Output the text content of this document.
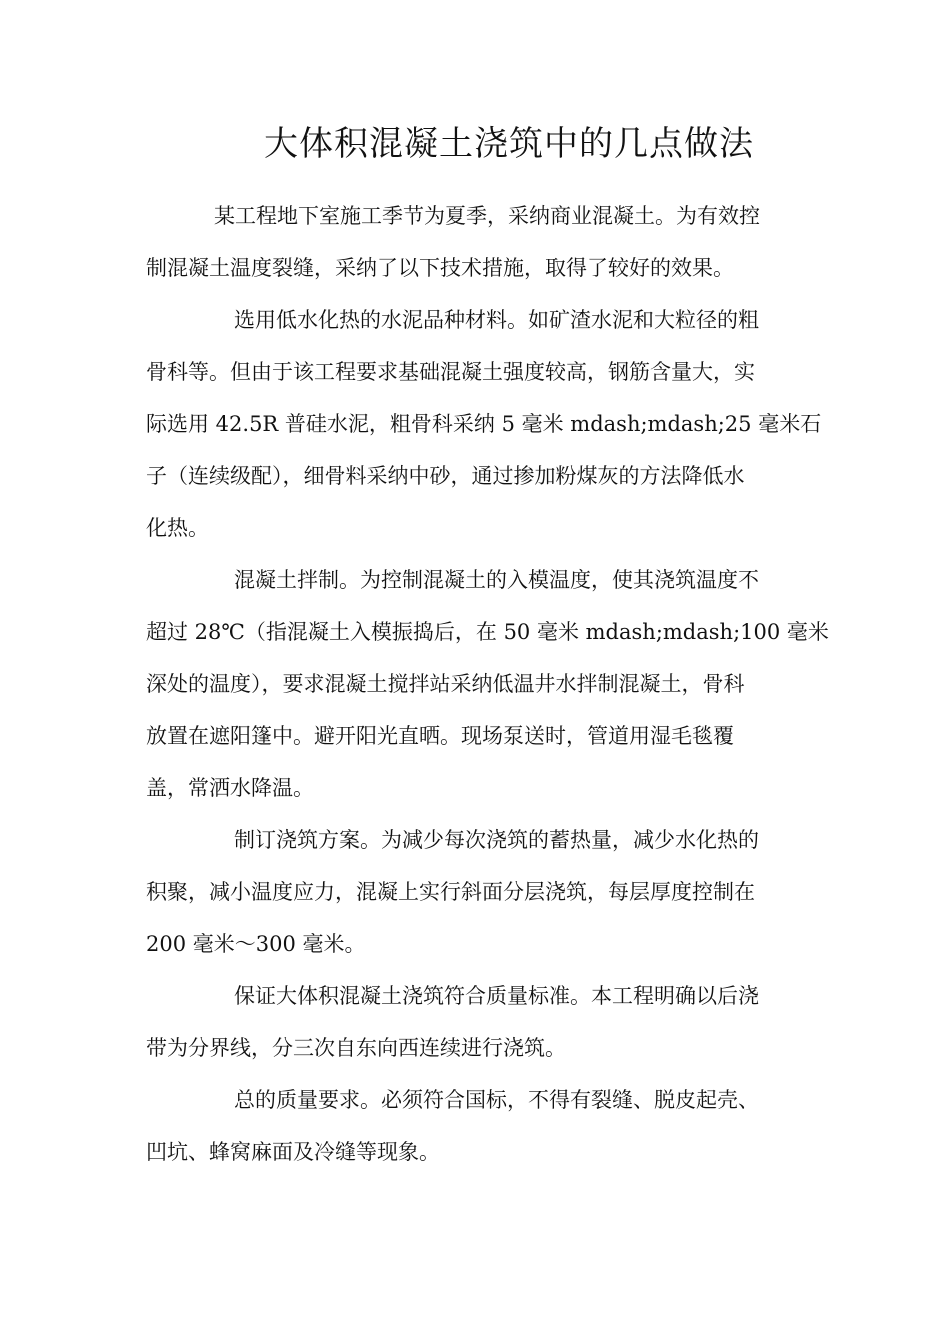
大体积混凝土浇筑中的几点做法

某工程地下室施工季节为夏季，采纳商业混凝土。为有效控
制混凝土温度裂缝，采纳了以下技术措施，取得了较好的效果。

选用低水化热的水泥品种材料。如矿渣水泥和大粒径的粗
骨科等。但由于该工程要求基础混凝土强度较高，钢筋含量大，实
际选用 42.5R 普硅水泥，粗骨科采纳 5 毫米 mdash;mdash;25 毫米石
子（连续级配），细骨料采纳中砂，通过掺加粉煤灰的方法降低水
化热。

混凝土拌制。为控制混凝土的入模温度，使其浇筑温度不
超过 28℃（指混凝土入模振捣后，在 50 毫米 mdash;mdash;100 毫米
深处的温度），要求混凝土搅拌站采纳低温井水拌制混凝土，骨科
放置在遮阳篷中。避开阳光直晒。现场泵送时，管道用湿毛毯覆
盖，常洒水降温。

制订浇筑方案。为减少每次浇筑的蓄热量，减少水化热的
积聚，减小温度应力，混凝上实行斜面分层浇筑，每层厚度控制在
200 毫米～300 毫米。

保证大体积混凝土浇筑符合质量标准。本工程明确以后浇
带为分界线，分三次自东向西连续进行浇筑。

总的质量要求。必须符合国标，不得有裂缝、脱皮起壳、
凹坑、蜂窝麻面及冷缝等现象。
